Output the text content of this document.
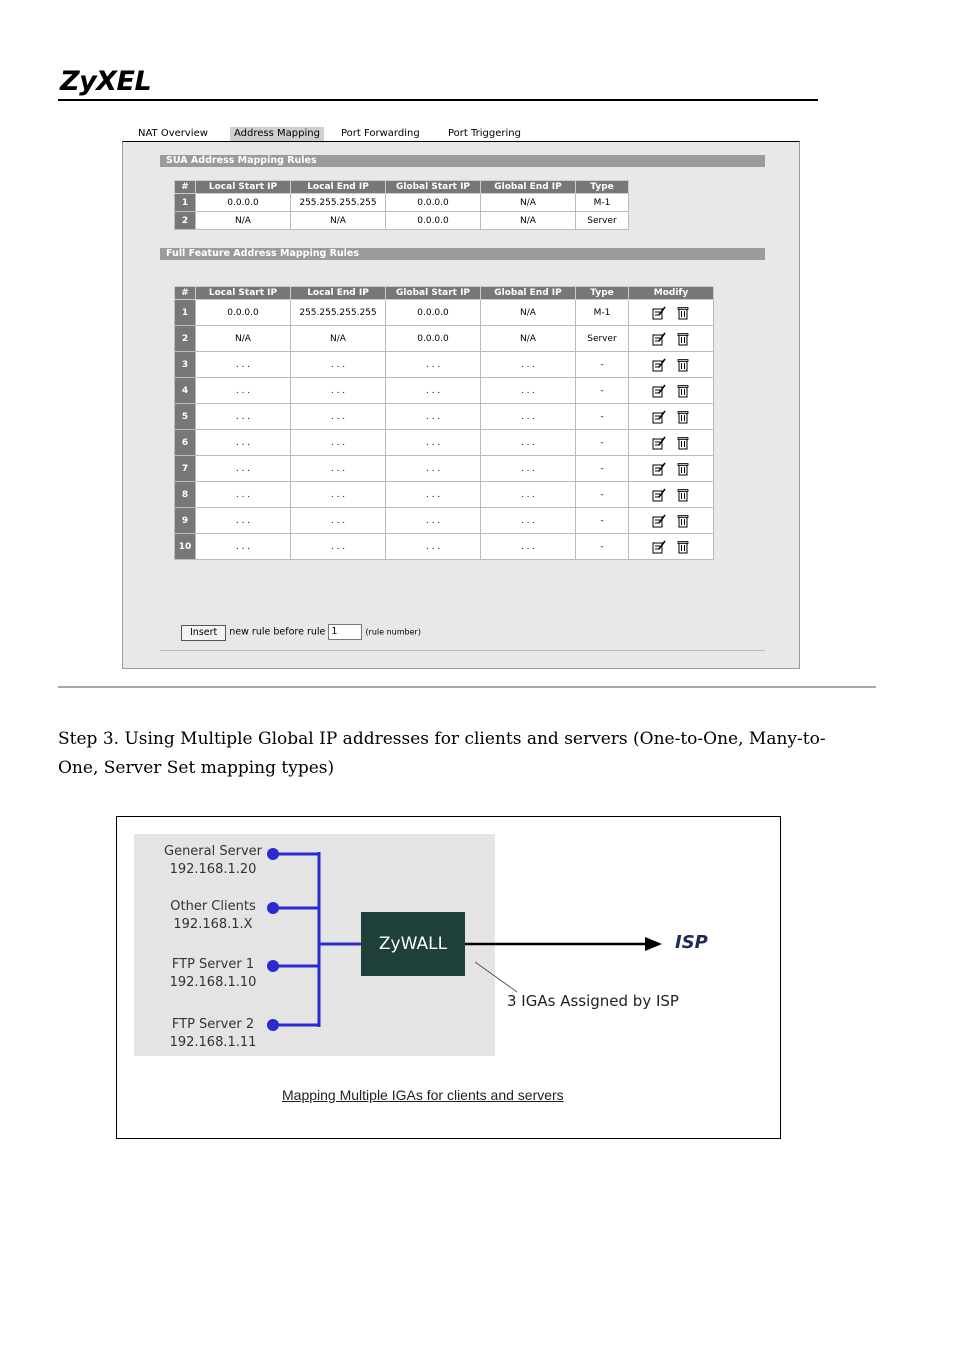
ZyXEL
NAT Overview	Address Mapping	Port Forwarding	Port Triggering
SUA Address Mapping Rules
#	Local Start IP	Local End IP	Global Start IP	Global End IP	Type
1	0.0.0.0	255.255.255.255	0.0.0.0	N/A	M-1
2	N/A	N/A	0.0.0.0	N/A	Server
Full Feature Address Mapping Rules
#	Local Start IP	Local End IP	Global Start IP	Global End IP	Type	Modify
1	0.0.0.0	255.255.255.255	0.0.0.0	N/A	M-1	
2	N/A	N/A	0.0.0.0	N/A	Server	
3	. . .	. . .	. . .	. . .	-	
4	. . .	. . .	. . .	. . .	-	
5	. . .	. . .	. . .	. . .	-	
6	. . .	. . .	. . .	. . .	-	
7	. . .	. . .	. . .	. . .	-	
8	. . .	. . .	. . .	. . .	-	
9	. . .	. . .	. . .	. . .	-	
10	. . .	. . .	. . .	. . .	-	
Insert new rule before rule 1	(rule number)
Step 3. Using Multiple Global IP addresses for clients and servers (One-to-One, Many-to-One, Server Set mapping types)
General Server
192.168.1.20
Other Clients
192.168.1.X
FTP Server 1
192.168.1.10
FTP Server 2
192.168.1.11
ZyWALL	ISP
3 IGAs Assigned by ISP
Mapping Multiple IGAs for clients and servers
